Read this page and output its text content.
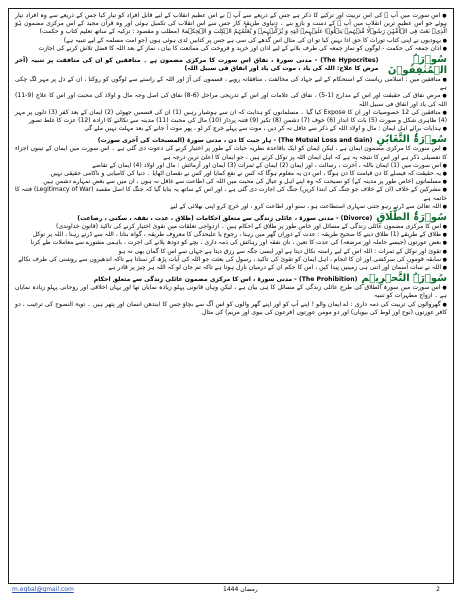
● اس سورت میں آپ ﷺ کی اس تربیت اور تزکیے کا ذکر ہے جس کے ذریعے سے آپ ﷺ نے اس عظیم انقلاب کے لیے قابل افراد کو تیار کیا جس کے ذریعے سے وہ افراد تیار ہوئے جو اس عظیم ترین انقلاب میں آپ ﷺ کے دست و بازو بنے ۔ دنیاوی طریقۂ کار جس سے اس انقلاب کی تکمیل ہوئی اور وہ قرآن مجید کے اس مرکزی مضمون ہُوَ الَّذِیۡ بَعَثَ فِی الۡاُمِّیّٖنَ رَسُوۡلًا مِّنۡہُمۡ یَتۡلُوۡا عَلَیۡہِمۡ اٰیٰتِہٖ وَ یُزَکِّیۡہِمۡ وَ یُعَلِّمُہُمُ الۡکِتٰبَ وَ الۡحِکۡمَۃَ (مطلب و مقصود : تزکیہ کے ساتھ تعلیم کتاب و حکمت)

● یہودیوں نے اپنی کتاب تورات کا حق ادا نہیں کیا تو ان کی مثال اس گدھے کی سی ہے جس پر کتابیں لدی ہوئی ہوں (جو امت مسلمہ کے لیے تنبیہ ہے)

● اذان جمعہ کی حکمت - لوگوں کو نماز جمعہ کی طرف بلانے کے لیے اذان اور خرید و فروخت کی ممانعت کا بیان ، نماز کے بعد اللہ کا فضل تلاش کرنے کی اجازت

سُوۡرَۃُ الۡمُنٰفِقُوۡنَ
(The Hypocrites) - مدنی سورۃ ، نفاق اس سورت کا مرکزی مضمون ہے ۔ منافقین کو ان کی منافقت پر تنبیہ (آخر مرض کا علاج: اللہ کی یاد ، موت کی یاد اور انفاق فی سبیل اللہ)

● منافقین میں : اسلامی ریاست کے استحکام کے لیے جہاد کی مخالفت ، منافقانہ رویے ، قسموں کی آڑ اور اللہ کے راستے سے لوگوں کو روکنا ، ان کے دل پر مہر لگ چکی ہے

● مرض نفاق کی حقیقت اور اس کے مدارج (1-5) ، نفاق کی علامات اور اس کے تدریجی مراحل (6-8) نفاق کی اصل وجہ مال و اولاد کی محبت اور اس کا علاج (9-11) اللہ کی یاد اور انفاق فی سبیل اللہ

● منافقین کی 12 خصوصیات اور ان کا Expose کیا گیا ۔ مسلمانوں کو ہدایت کہ ان سے ہوشیار رہیں (1) ان کی قسمیں جھوٹی (2) ایمان کے بعد کفر (3) دلوں پر مہر (4) ظاہری شکل و صورت (5) بات کا انداز (6) خوف (7) دشمن (8) تکبر (9) فتنہ پرداز (10) مال کی محبت (11) مدینہ سے نکالنے کا ارادہ (12) عزت کا غلط تصور

● ہدایات برائے اہل ایمان : مال و اولاد اللہ کے ذکر سے غافل نہ کر دیں ، موت سے پہلے خرچ کر لو ، پھر موت آ جانے کے بعد مہلت نہیں ملے گی

سُوۡرَۃُ التَّغَابُنِ
(The Mutual Loss and Gain) - ہار جیت کا دن ، مدنی سورۃ (المسبحات کی آخری سورت)

● اس سورت کا مرکزی مضمون ایمان ہے ، لیکن ایمان کو ایک باقاعدہ نظریہ حیات کے طور پر اختیار کرنے کی دعوت دی گئی ہے ۔ اس سورت میں ایمان کے تینوں اجزاء کا تفصیلی ذکر ہے اور اس کا نتیجہ یہ ہے کہ اہل ایمان اللہ پر توکل کرتے ہیں ، جو ایمان کا اعلیٰ ترین درجہ ہے

● اس سورت میں (1) ایمان باللہ ، آخرت ، رسالت ، اور ایمان (2) ایمان کے ثمرات (3) ایمان اور آزمائش : مال اور اولاد (4) ایمان کے تقاضے

● یہ حقیقت کہ فیصلے کا دن قیامت کا دن ہوگا ، اس دن یہ معلوم ہوگا کہ کس نے نفع کمایا اور کس نے نقصان اٹھایا ۔ دنیا کی کامیابی و ناکامی حقیقی نہیں

● مسلمانوں (خاص طور پر مدینہ کے) کو نصیحت کہ وہ اپنے اہل و عیال کی محبت میں اللہ کی اطاعت سے غافل نہ ہوں ، ان میں سے بعض تمہارے دشمن ہیں

● مشرکین کے خلاف (ان کے خلاف جو جنگ کی ابتدا کریں) جنگ کی اجازت دی گئی ہے ، اور اس کے ساتھ یہ بتایا گیا کہ جنگ کا اصل مقصد (Legitimacy of War) فتنہ کا خاتمہ ہے

● اللہ تعالیٰ سے ڈرتے رہو جتنی تمہاری استطاعت ہو ، سنو اور اطاعت کرو ، اور خرچ کرو اپنی بھلائی کے لیے

سُوۡرَۃُ الطَّلَاقِ
(Divorce) - مدنی سورۃ ، عائلی زندگی سے متعلق احکامات (طلاق ، عدت ، نفقہ ، سکنی ، رضاعت)

● اس کا مرکزی مضمون عائلی زندگی کے مسائل اور خاص طور پر طلاق کے احکام ہیں ۔ ازدواجی تعلقات میں تقویٰ اختیار کرنے کی تاکید (قانون خداوندی)

● طلاق کے طریقے (1) طلاق دینے کا صحیح طریقہ : عدت کے دوران گھر میں رہنا ، رجوع یا علیحدگی کا معروف طریقہ ، گواہ بنانا ، اللہ سے ڈرتے رہنا ، اللہ پر توکل

● بعض عورتوں (جیسے حاملہ اور مرضعہ) کی عدت کا تعین ، نان نفقہ اور رہائش کی ذمہ داری ، بچے کو دودھ پلانے کی اجرت ، باہمی مشورے سے معاملات طے کرنا

● تقویٰ اور توکل کے ثمرات : اللہ اس کے لیے راستہ نکال دیتا ہے اور ایسی جگہ سے رزق دیتا ہے جہاں سے اس کا گمان بھی نہ ہو

● سابقہ قوموں کی سرکشی اور ان کا انجام ، اہل ایمان کو تقویٰ کی تاکید ، رسول کی بعثت جو اللہ کی آیات پڑھ کر سناتا ہے تاکہ اندھیروں سے روشنی کی طرف نکالے

● اللہ نے سات آسمان اور اتنی ہی زمینیں پیدا کیں ، اس کا حکم ان کے درمیان نازل ہوتا ہے تاکہ تم جان لو کہ اللہ ہر چیز پر قادر ہے

سُوۡرَۃُ التَّحۡرِیۡمِ
(The Prohibition) - مدنی سورۃ ، اس کا مرکزی مضمون عائلی زندگی سے متعلق احکام

● اس سورت میں سورۃ الطلاق کی طرح عائلی زندگی کے مسائل کا ہی بیان ہے ، لیکن وہاں قانونی پہلو زیادہ نمایاں تھا اور یہاں اخلاقی اور روحانی پہلو زیادہ نمایاں ہے ۔ ازواج مطہرات کو تنبیہ

● گھروالوں کی تربیت کی ذمہ داری : اے ایمان والو ! اپنے آپ کو اور اپنے گھر والوں کو اس آگ سے بچاؤ جس کا ایندھن انسان اور پتھر ہیں ۔ توبۃ النصوح کی ترغیب ، دو کافر عورتوں (نوح اور لوط کی بیویاں) اور دو مومن عورتوں (فرعون کی بیوی اور مریم) کی مثال

m.eqbal@gmail.com	رمضان 1444	2
